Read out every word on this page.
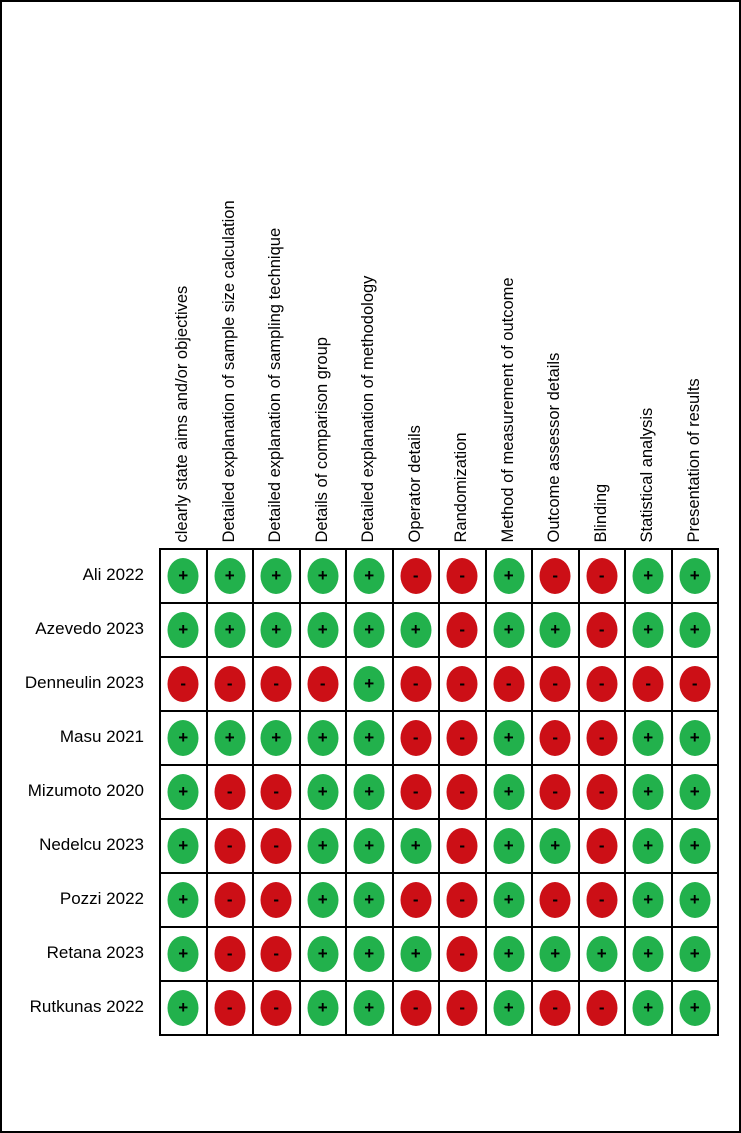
clearly state aims and/or objectives Detailed explanation of sample size calculation Detailed explanation of sampling technique Details of comparison group Detailed explanation of methodology Operator details Randomization Method of measurement of outcome Outcome assessor details Blinding Statistical analysis Presentation of results
Ali 2022
Azevedo 2023
Denneulin 2023
Masu 2021
Mizumoto 2020
Nedelcu 2023
Pozzi 2022
Retana 2023
Rutkunas 2022
+ + + + + - - + - - + +
+ + + + + + - + + - + +
- - - - + - - - - - - -
+ + + + + - - + - - + +
+ - - + + - - + - - + +
+ - - + + + - + + - + +
+ - - + + - - + - - + +
+ - - + + + - + + + + +
+ - - + + - - + - - + +
